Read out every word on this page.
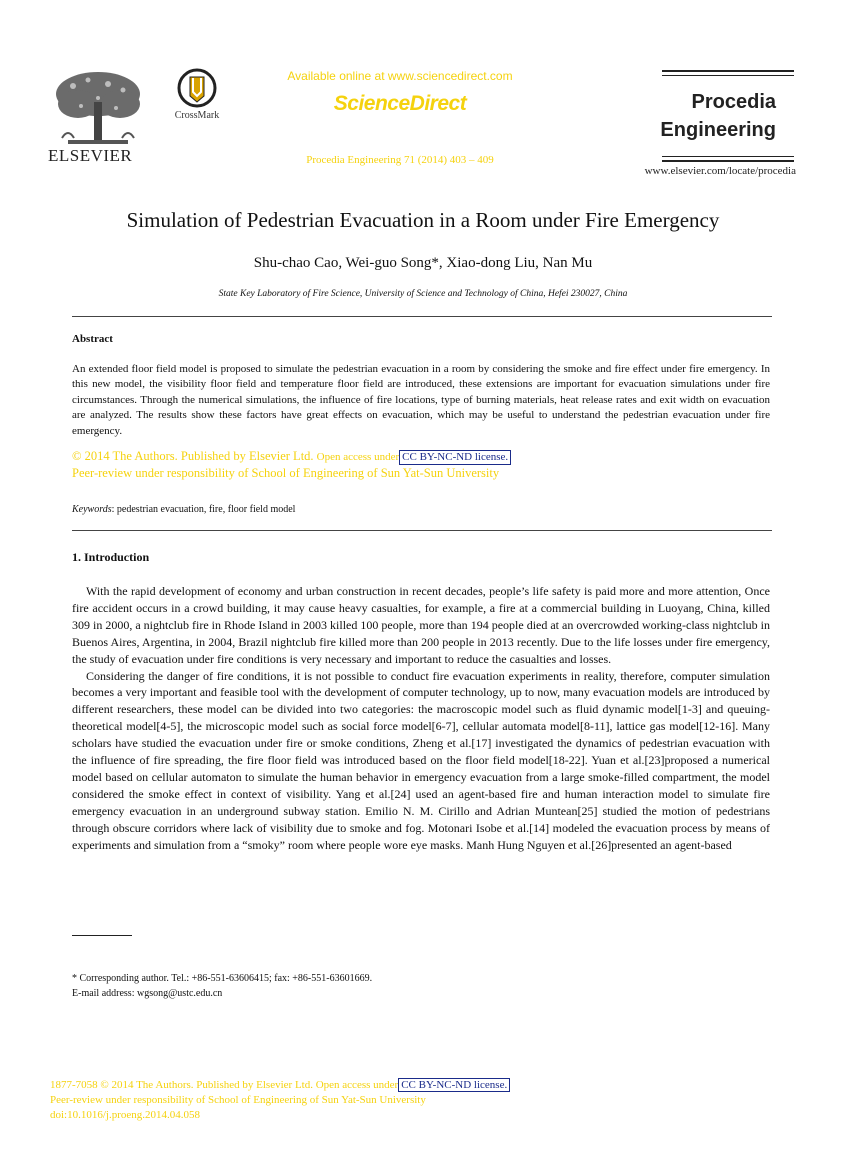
ELSEVIER
CrossMark
Available online at www.sciencedirect.com
ScienceDirect
Procedia Engineering 71 (2014) 403 – 409
Procedia
Engineering
www.elsevier.com/locate/procedia
Simulation of Pedestrian Evacuation in a Room under Fire Emergency
Shu-chao Cao, Wei-guo Song*, Xiao-dong Liu, Nan Mu
State Key Laboratory of Fire Science, University of Science and Technology of China, Hefei 230027, China
Abstract
An extended floor field model is proposed to simulate the pedestrian evacuation in a room by considering the smoke and fire effect under fire emergency. In this new model, the visibility floor field and temperature floor field are introduced, these extensions are important for evacuation simulations under fire circumstances. Through the numerical simulations, the influence of fire locations, type of burning materials, heat release rates and exit width on evacuation are analyzed. The results show these factors have great effects on evacuation, which may be useful to understand the pedestrian evacuation under fire emergency.
© 2014 The Authors. Published by Elsevier Ltd. Open access under CC BY-NC-ND license.
Peer-review under responsibility of School of Engineering of Sun Yat-Sun University
Keywords: pedestrian evacuation, fire, floor field model
1. Introduction

With the rapid development of economy and urban construction in recent decades, people’s life safety is paid more and more attention, Once fire accident occurs in a crowd building, it may cause heavy casualties, for example, a fire at a commercial building in Luoyang, China, killed 309 in 2000, a nightclub fire in Rhode Island in 2003 killed 100 people, more than 194 people died at an overcrowded working-class nightclub in Buenos Aires, Argentina, in 2004, Brazil nightclub fire killed more than 200 people in 2013 recently. Due to the life losses under fire emergency, the study of evacuation under fire conditions is very necessary and important to reduce the casualties and losses.

Considering the danger of fire conditions, it is not possible to conduct fire evacuation experiments in reality, therefore, computer simulation becomes a very important and feasible tool with the development of computer technology, up to now, many evacuation models are introduced by different researchers, these model can be divided into two categories: the macroscopic model such as fluid dynamic model[1-3] and queuing-theoretical model[4-5], the microscopic model such as social force model[6-7], cellular automata model[8-11], lattice gas model[12-16]. Many scholars have studied the evacuation under fire or smoke conditions, Zheng et al.[17] investigated the dynamics of pedestrian evacuation with the influence of fire spreading, the fire floor field was introduced based on the floor field model[18-22]. Yuan et al.[23]proposed a numerical model based on cellular automaton to simulate the human behavior in emergency evacuation from a large smoke-filled compartment, the model considered the smoke effect in context of visibility. Yang et al.[24] used an agent-based fire and human interaction model to simulate fire emergency evacuation in an underground subway station. Emilio N. M. Cirillo and Adrian Muntean[25] studied the motion of pedestrians through obscure corridors where lack of visibility due to smoke and fog. Motonari Isobe et al.[14] modeled the evacuation process by means of experiments and simulation from a “smoky” room where people wore eye masks. Manh Hung Nguyen et al.[26]presented an agent-based

* Corresponding author. Tel.: +86-551-63606415; fax: +86-551-63601669.
E-mail address: wgsong@ustc.edu.cn
1877-7058 © 2014 The Authors. Published by Elsevier Ltd. Open access under CC BY-NC-ND license.
Peer-review under responsibility of School of Engineering of Sun Yat-Sun University
doi:10.1016/j.proeng.2014.04.058
